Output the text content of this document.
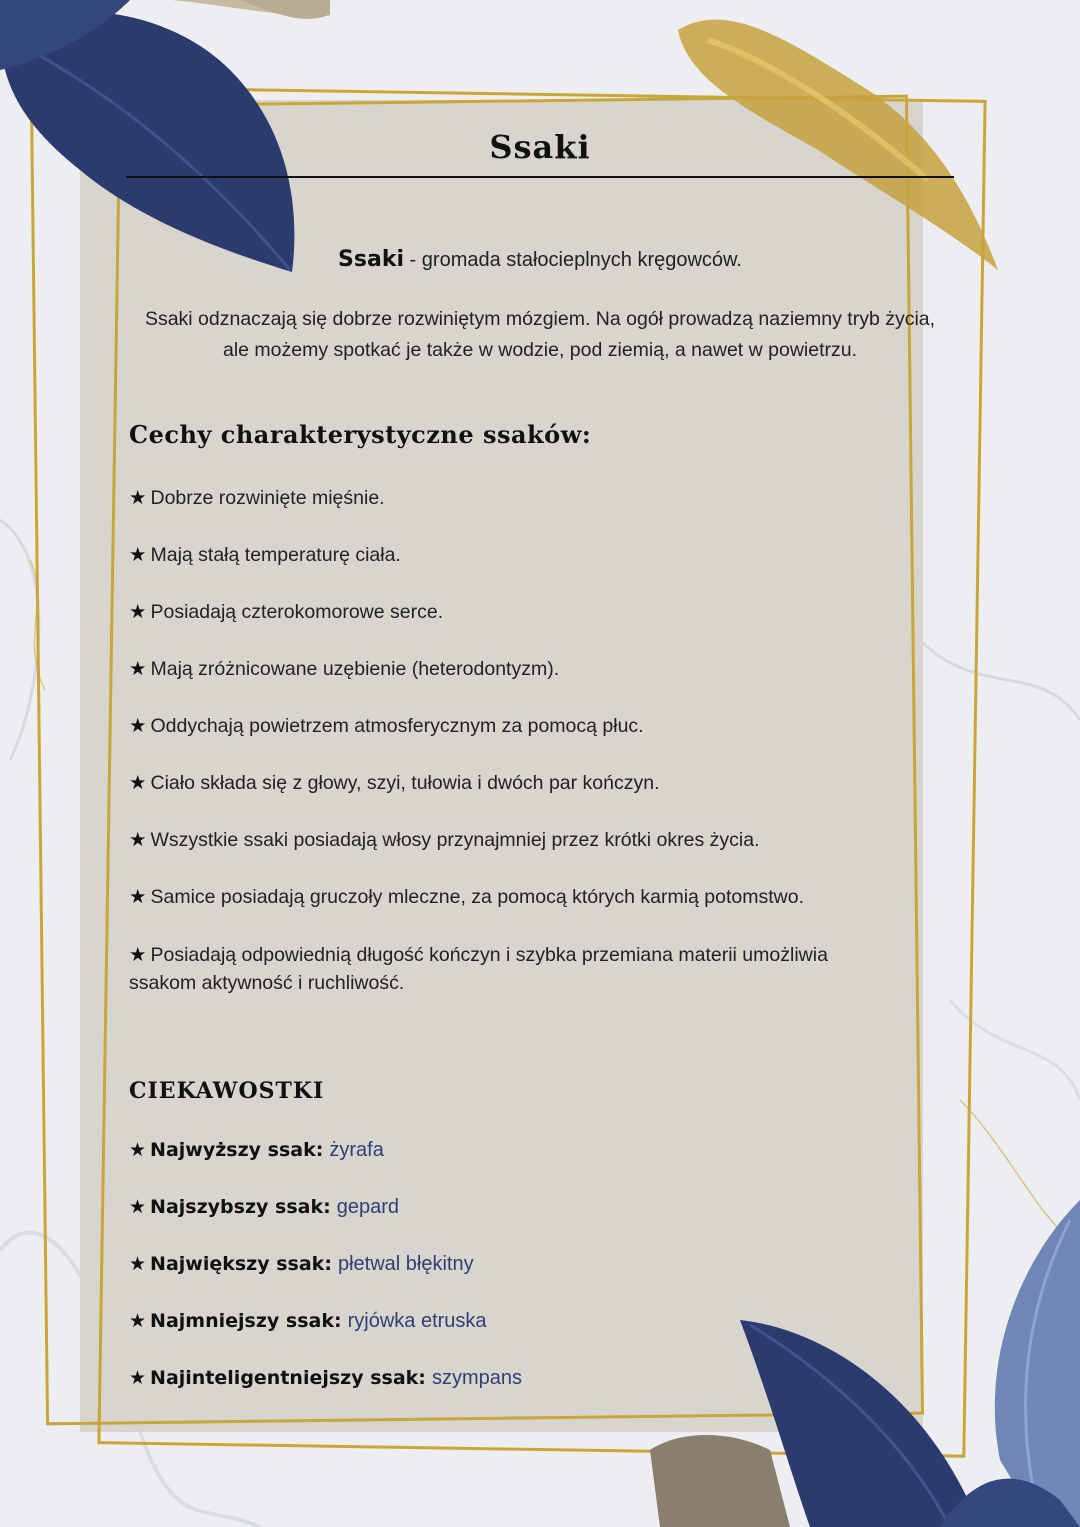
Ssaki
Ssaki - gromada stałocieplnych kręgowców.
Ssaki odznaczają się dobrze rozwiniętym mózgiem. Na ogół prowadzą naziemny tryb życia, ale możemy spotkać je także w wodzie, pod ziemią, a nawet w powietrzu.
Cechy charakterystyczne ssaków:
★ Dobrze rozwinięte mięśnie.
★ Mają stałą temperaturę ciała.
★ Posiadają czterokomorowe serce.
★ Mają zróżnicowane uzębienie (heterodontyzm).
★ Oddychają powietrzem atmosferycznym za pomocą płuc.
★ Ciało składa się z głowy, szyi, tułowia i dwóch par kończyn.
★ Wszystkie ssaki posiadają włosy przynajmniej przez krótki okres życia.
★ Samice posiadają gruczoły mleczne, za pomocą których karmią potomstwo.
★ Posiadają odpowiednią długość kończyn i szybka przemiana materii umożliwia ssakom aktywność i ruchliwość.
CIEKAWOSTKI
★ Najwyższy ssak: żyrafa
★ Najszybszy ssak: gepard
★ Największy ssak: płetwal błękitny
★ Najmniejszy ssak: ryjówka etruska
★ Najinteligentniejszy ssak: szympans
